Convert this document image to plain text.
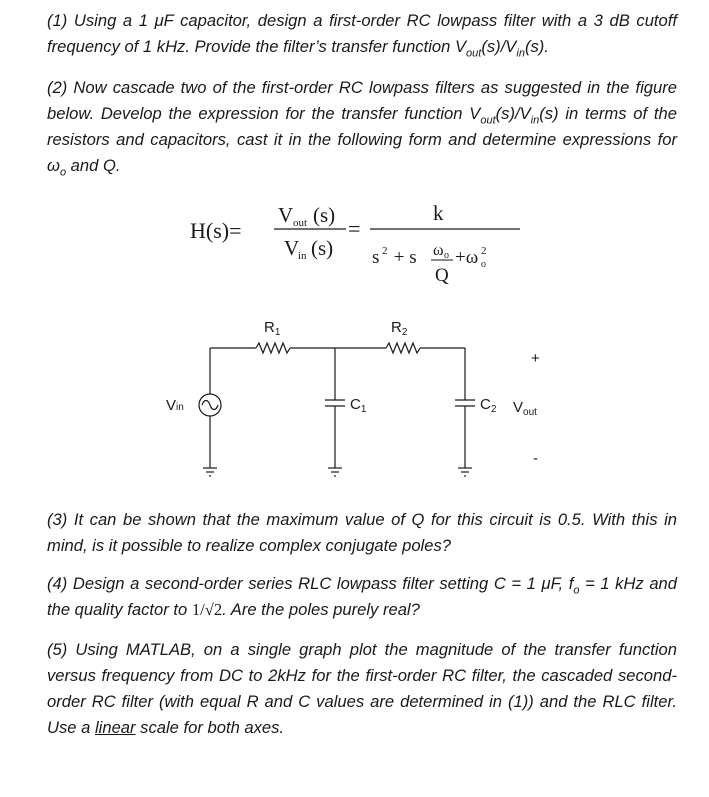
(1) Using a 1 μF capacitor, design a first-order RC lowpass filter with a 3 dB cutoff frequency of 1 kHz. Provide the filter’s transfer function $V_{out}(s)/V_{in}(s)$.

(2) Now cascade two of the first-order RC lowpass filters as suggested in the figure below. Develop the expression for the transfer function $V_{out}(s)/V_{in}(s)$ in terms of the resistors and capacitors, cast it in the following form and determine expressions for $\omega_o$ and Q.

H(s)=
V out (s)
V
in (s)
=
k
s 2 + s ω o
Q
+ω 2
o
$R_1$	$R_2$
$C_1$	$C_2$
Vin	$V_{out}$
+
-

(3) It can be shown that the maximum value of Q for this circuit is 0.5. With this in mind, is it possible to realize complex conjugate poles?

(4) Design a second-order series RLC lowpass filter setting C = 1 μF, $f_o = 1$ kHz and the quality factor to 1/√2. Are the poles purely real?

(5) Using MATLAB, on a single graph plot the magnitude of the transfer function versus frequency from DC to 2kHz for the first-order RC filter, the cascaded second-order RC filter (with equal R and C values are determined in (1)) and the RLC filter. Use a linear scale for both axes.
